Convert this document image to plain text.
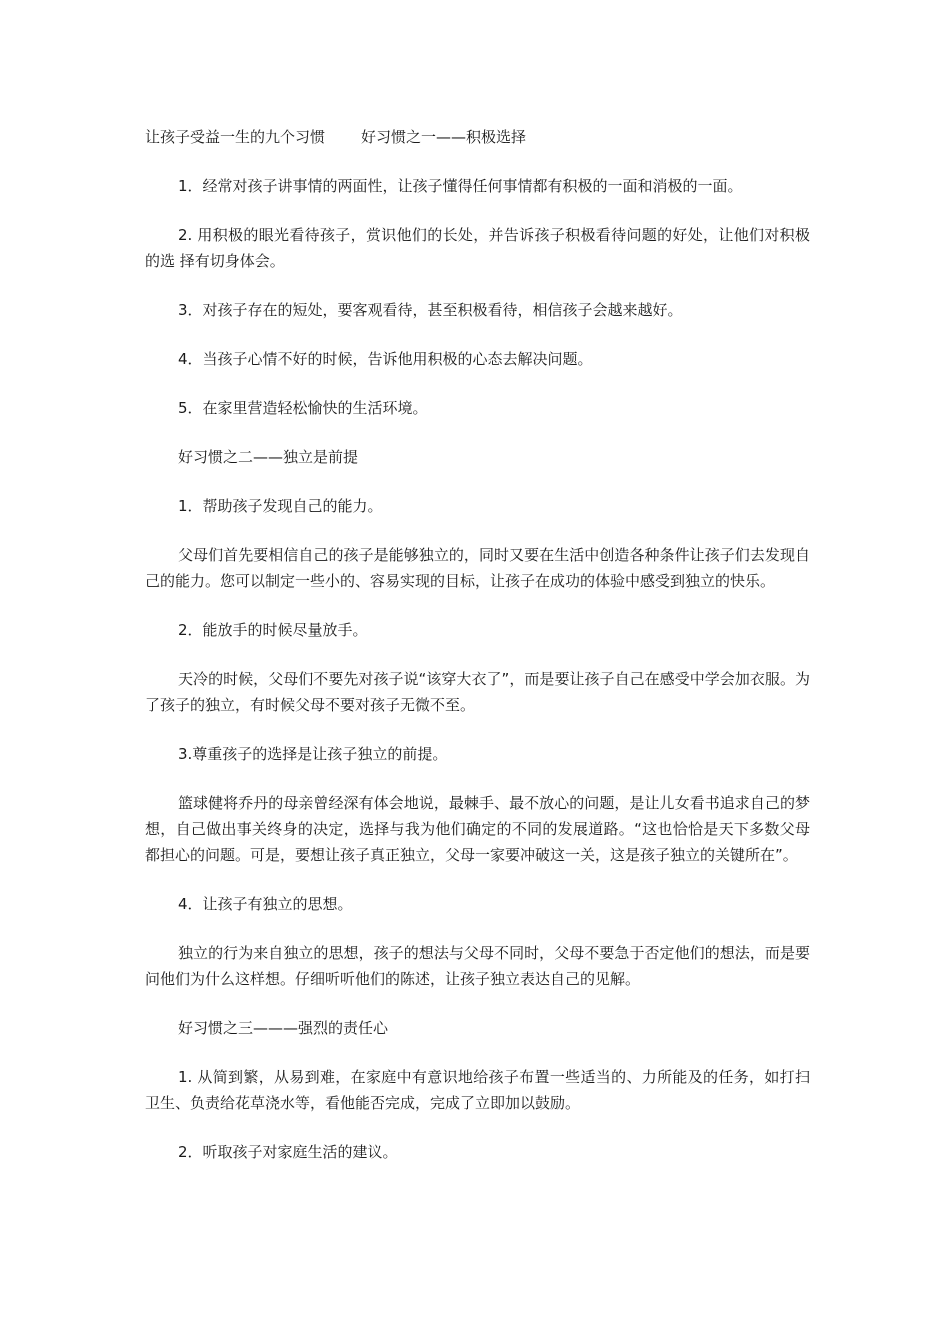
让孩子受益一生的九个习惯 好习惯之一——积极选择

1．经常对孩子讲事情的两面性，让孩子懂得任何事情都有积极的一面和消极的一面。

2. 用积极的眼光看待孩子，赏识他们的长处，并告诉孩子积极看待问题的好处，让他们对积极的选 择有切身体会。

3．对孩子存在的短处，要客观看待，甚至积极看待，相信孩子会越来越好。

4．当孩子心情不好的时候，告诉他用积极的心态去解决问题。

5．在家里营造轻松愉快的生活环境。

好习惯之二——独立是前提

1．帮助孩子发现自己的能力。

父母们首先要相信自己的孩子是能够独立的，同时又要在生活中创造各种条件让孩子们去发现自己的能力。您可以制定一些小的、容易实现的目标，让孩子在成功的体验中感受到独立的快乐。

2．能放手的时候尽量放手。

天冷的时候，父母们不要先对孩子说“该穿大衣了”，而是要让孩子自己在感受中学会加衣服。为了孩子的独立，有时候父母不要对孩子无微不至。

3.尊重孩子的选择是让孩子独立的前提。

篮球健将乔丹的母亲曾经深有体会地说，最棘手、最不放心的问题，是让儿女看书追求自己的梦想，自己做出事关终身的决定，选择与我为他们确定的不同的发展道路。“这也恰恰是天下多数父母都担心的问题。可是，要想让孩子真正独立，父母一家要冲破这一关，这是孩子独立的关键所在”。

4．让孩子有独立的思想。

独立的行为来自独立的思想，孩子的想法与父母不同时，父母不要急于否定他们的想法，而是要问他们为什么这样想。仔细听听他们的陈述，让孩子独立表达自己的见解。

好习惯之三———强烈的责任心

1. 从简到繁，从易到难，在家庭中有意识地给孩子布置一些适当的、力所能及的任务，如打扫卫生、负责给花草浇水等，看他能否完成，完成了立即加以鼓励。

2．听取孩子对家庭生活的建议。
